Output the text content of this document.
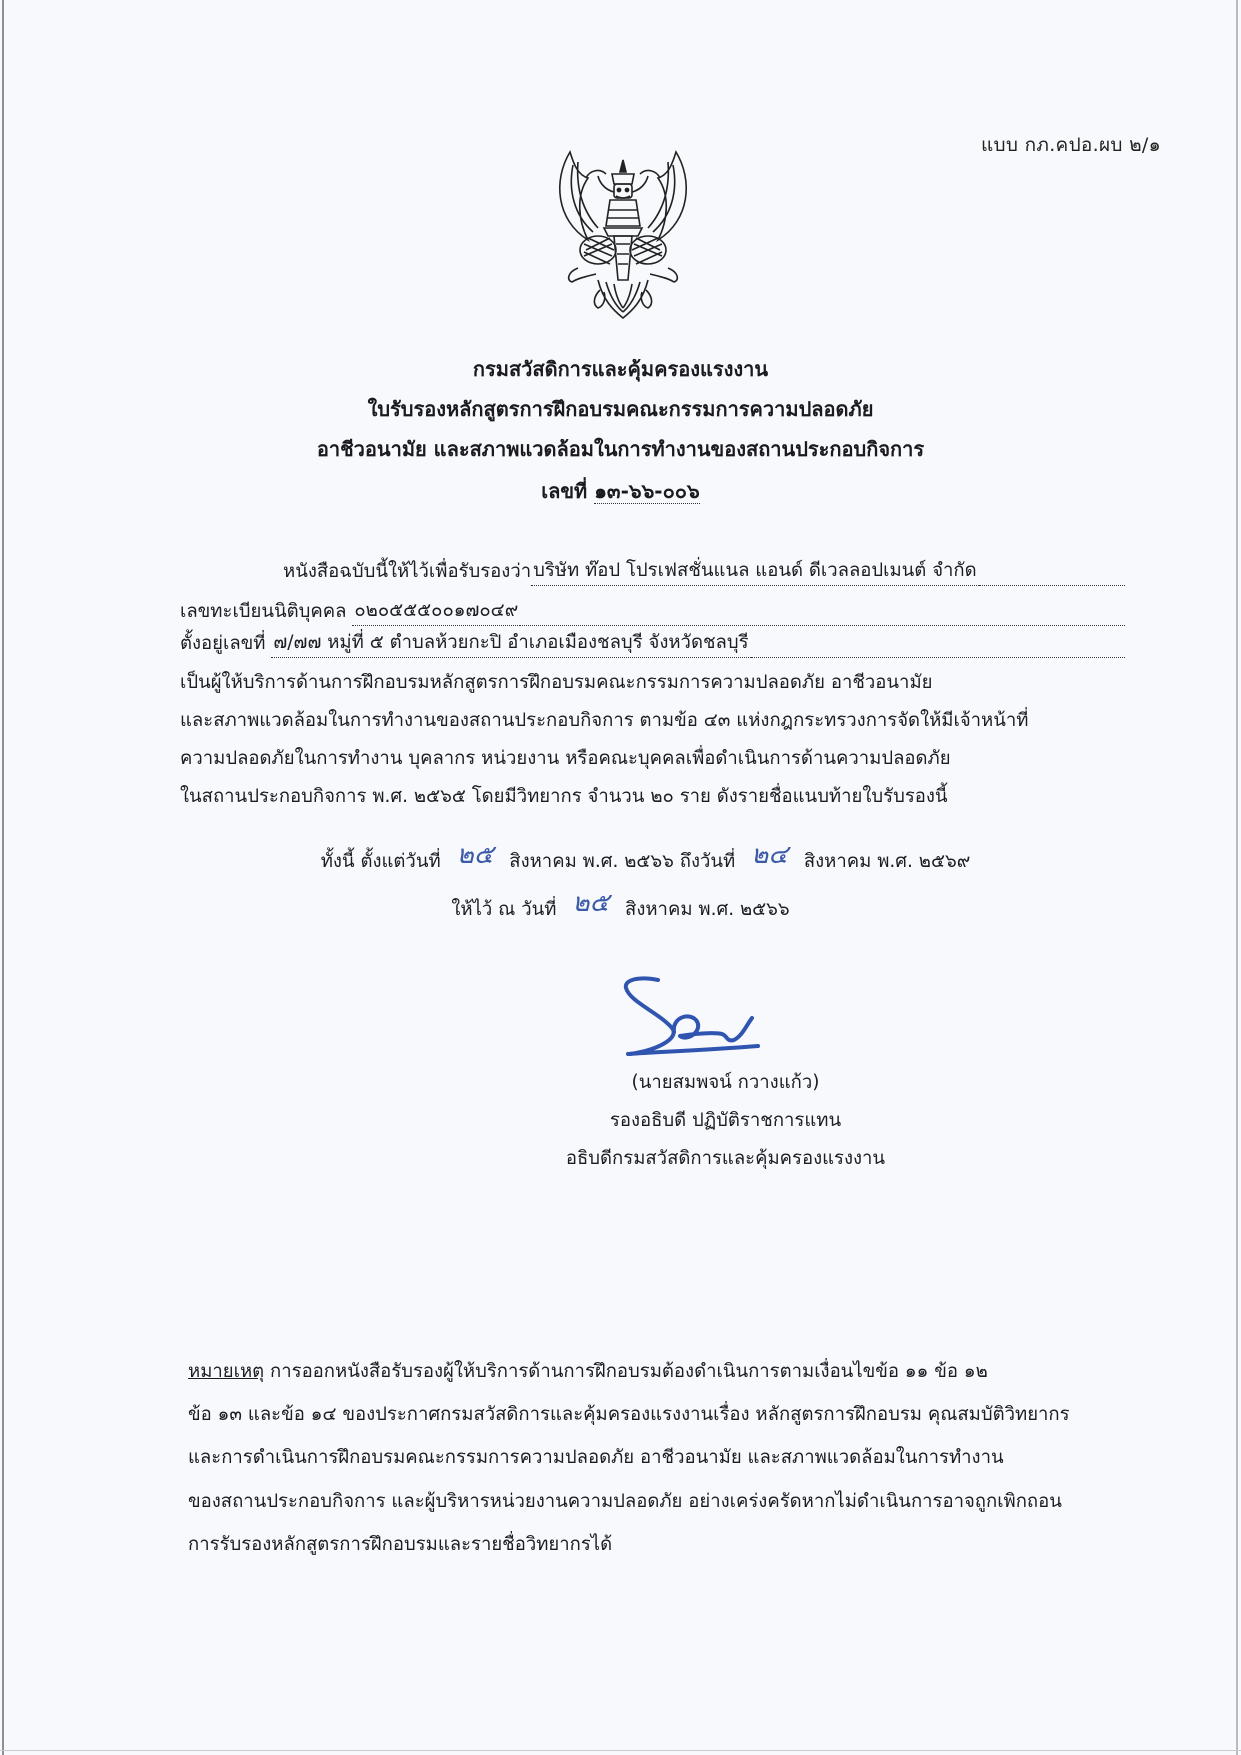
แบบ กภ.คปอ.ผบ ๒/๑
กรมสวัสดิการและคุ้มครองแรงงาน
ใบรับรองหลักสูตรการฝึกอบรมคณะกรรมการความปลอดภัย
อาชีวอนามัย และสภาพแวดล้อมในการทำงานของสถานประกอบกิจการ
เลขที่ ๑๓-๖๖-๐๐๖
หนังสือฉบับนี้ให้ไว้เพื่อรับรองว่า บริษัท ท๊อป โปรเฟสชั่นแนล แอนด์ ดีเวลลอปเมนต์ จำกัด
เลขทะเบียนนิติบุคคล
๐๒๐๕๕๕๐๐๑๗๐๔๙
ตั้งอยู่เลขที่
๗/๗๗ หมู่ที่ ๕ ตำบลห้วยกะปิ อำเภอเมืองชลบุรี จังหวัดชลบุรี
เป็นผู้ให้บริการด้านการฝึกอบรมหลักสูตรการฝึกอบรมคณะกรรมการความปลอดภัย อาชีวอนามัย
และสภาพแวดล้อมในการทำงานของสถานประกอบกิจการ ตามข้อ ๔๓ แห่งกฎกระทรวงการจัดให้มีเจ้าหน้าที่
ความปลอดภัยในการทำงาน บุคลากร หน่วยงาน หรือคณะบุคคลเพื่อดำเนินการด้านความปลอดภัย
ในสถานประกอบกิจการ พ.ศ. ๒๕๖๕ โดยมีวิทยากร จำนวน ๒๐ ราย ดังรายชื่อแนบท้ายใบรับรองนี้
ทั้งนี้ ตั้งแต่วันที่ ๒๕ สิงหาคม พ.ศ. ๒๕๖๖ ถึงวันที่ ๒๔ สิงหาคม พ.ศ. ๒๕๖๙
ให้ไว้ ณ วันที่ ๒๕ สิงหาคม พ.ศ. ๒๕๖๖
(นายสมพจน์ กวางแก้ว)
รองอธิบดี ปฏิบัติราชการแทน
อธิบดีกรมสวัสดิการและคุ้มครองแรงงาน
หมายเหตุ การออกหนังสือรับรองผู้ให้บริการด้านการฝึกอบรมต้องดำเนินการตามเงื่อนไขข้อ ๑๑ ข้อ ๑๒
ข้อ ๑๓ และข้อ ๑๔ ของประกาศกรมสวัสดิการและคุ้มครองแรงงานเรื่อง หลักสูตรการฝึกอบรม คุณสมบัติวิทยากร
และการดำเนินการฝึกอบรมคณะกรรมการความปลอดภัย อาชีวอนามัย และสภาพแวดล้อมในการทำงาน
ของสถานประกอบกิจการ และผู้บริหารหน่วยงานความปลอดภัย อย่างเคร่งครัดหากไม่ดำเนินการอาจถูกเพิกถอน
การรับรองหลักสูตรการฝึกอบรมและรายชื่อวิทยากรได้
